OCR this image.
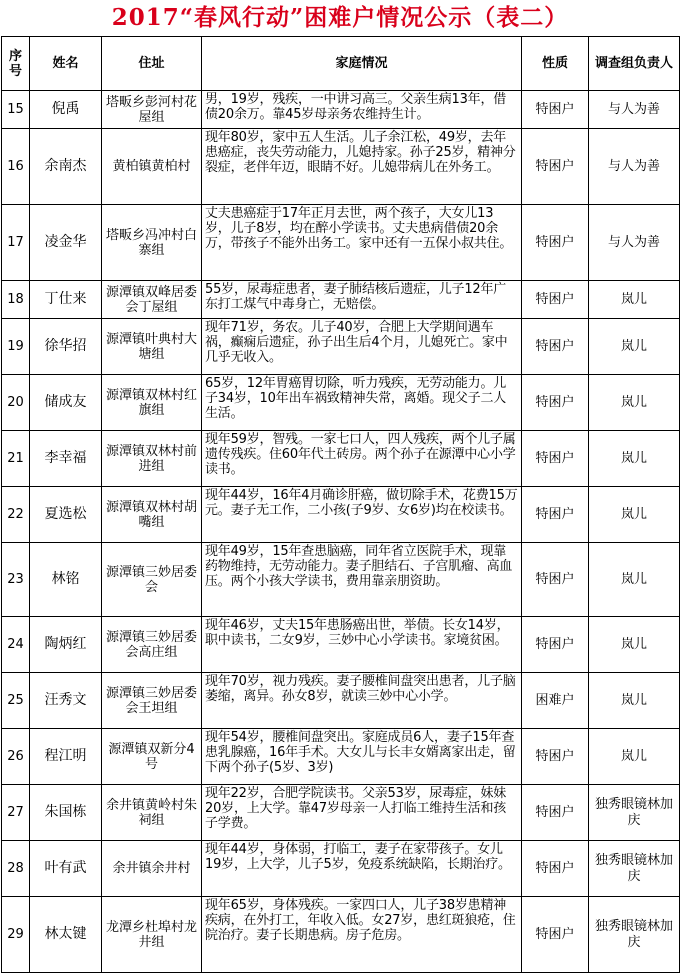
2017“春风行动”困难户情况公示（表二）
序号	姓名	住址	家庭情况	性质	调查组负责人
15	倪禹	塔畈乡彭河村花屋组	男，19岁，残疾，一中讲习高三。父亲生病13年，借债20余万。靠45岁母亲务农维持生计。	特困户	与人为善
16	余南杰	黄柏镇黄柏村	现年80岁，家中五人生活。儿子余江松，49岁，去年患癌症，丧失劳动能力，儿媳持家。孙子25岁，精神分裂症，老伴年迈，眼睛不好。儿媳带病儿在外务工。	特困户	与人为善
17	凌金华	塔畈乡冯冲村白寨组	丈夫患癌症于17年正月去世，两个孩子，大女儿13岁，儿子8岁，均在醉小学读书。丈夫患病借债20余万，带孩子不能外出务工。家中还有一五保小叔共住。	特困户	与人为善
18	丁仕来	源潭镇双峰居委会丁屋组	55岁，尿毒症患者，妻子肺结核后遗症，儿子12年广东打工煤气中毒身亡，无赔偿。	特困户	岚儿
19	徐华招	源潭镇叶典村大塘组	现年71岁，务农。儿子40岁，合肥上大学期间遇车祸，癫痫后遗症，孙子出生后4个月，儿媳死亡。家中几乎无收入。	特困户	岚儿
20	储成友	源潭镇双林村红旗组	65岁，12年胃癌胃切除，听力残疾，无劳动能力。儿子34岁，10年出车祸致精神失常，离婚。现父子二人生活。	特困户	岚儿
21	李幸福	源潭镇双林村前进组	现年59岁，智残。一家七口人，四人残疾，两个儿子属遗传残疾。住60年代土砖房。两个孙子在源潭中心小学读书。	特困户	岚儿
22	夏选松	源潭镇双林村胡嘴组	现年44岁，16年4月确诊肝癌，做切除手术，花费15万元。妻子无工作，二小孩(子9岁、女6岁)均在校读书。	特困户	岚儿
23	林铭	源潭镇三妙居委会	现年49岁，15年查患脑癌，同年省立医院手术，现靠药物维持，无劳动能力。妻子胆结石、子宫肌瘤、高血压。两个小孩大学读书，费用靠亲朋资助。	特困户	岚儿
24	陶炳红	源潭镇三妙居委会高庄组	现年46岁，丈夫15年患肠癌出世，举债。长女14岁，职中读书，二女9岁，三妙中心小学读书。家境贫困。	特困户	岚儿
25	汪秀文	源潭镇三妙居委会王坦组	现年70岁，视力残疾。妻子腰椎间盘突出患者，儿子脑萎缩，离异。孙女8岁，就读三妙中心小学。	困难户	岚儿
26	程江明	源潭镇双新分4号	现年54岁，腰椎间盘突出。家庭成员6人，妻子15年查患乳腺癌，16年手术。大女儿与长丰女婿离家出走，留下两个孙子(5岁、3岁)	特困户	岚儿
27	朱国栋	余井镇黄岭村朱祠组	现年22岁，合肥学院读书。父亲53岁，尿毒症，妹妹20岁，上大学。靠47岁母亲一人打临工维持生活和孩子学费。	特困户	独秀眼镜林加庆
28	叶有武	余井镇余井村	现年44岁，身体弱，打临工，妻子在家带孩子。女儿19岁，上大学，儿子5岁，免疫系统缺陷，长期治疗。	特困户	独秀眼镜林加庆
29	林太键	龙潭乡杜埠村龙井组	现年65岁，身体残疾。一家四口人，儿子38岁患精神疾病，在外打工，年收入低。女27岁，患红斑狼疮，住院治疗。妻子长期患病。房子危房。	特困户	独秀眼镜林加庆
